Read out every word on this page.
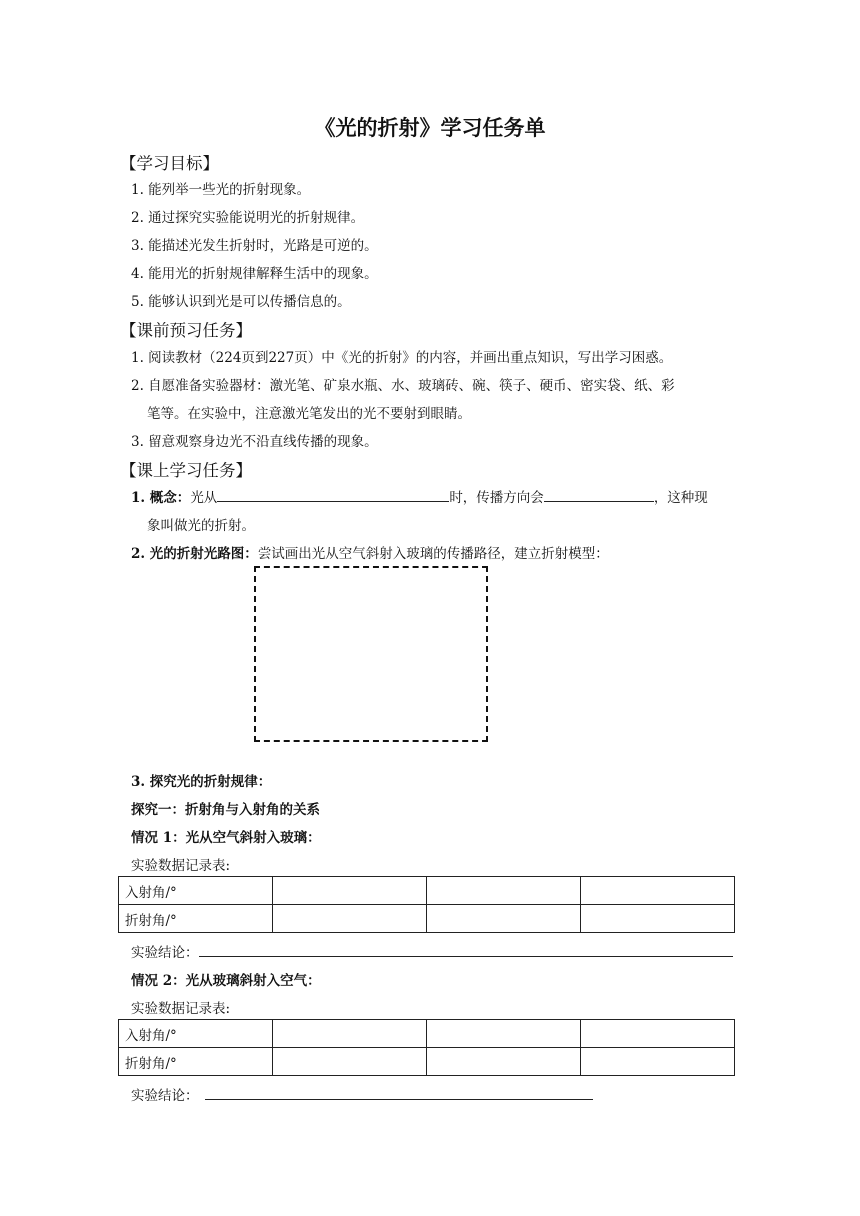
《光的折射》学习任务单
【学习目标】
1. 能列举一些光的折射现象。
2. 通过探究实验能说明光的折射规律。
3. 能描述光发生折射时，光路是可逆的。
4. 能用光的折射规律解释生活中的现象。
5. 能够认识到光是可以传播信息的。
【课前预习任务】
1. 阅读教材（224页到227页）中《光的折射》的内容，并画出重点知识，写出学习困惑。
2. 自愿准备实验器材：激光笔、矿泉水瓶、水、玻璃砖、碗、筷子、硬币、密实袋、纸、彩
笔等。在实验中，注意激光笔发出的光不要射到眼睛。
3. 留意观察身边光不沿直线传播的现象。
【课上学习任务】
1. 概念：光从	时，传播方向会	，这种现
象叫做光的折射。
2. 光的折射光路图：尝试画出光从空气斜射入玻璃的传播路径，建立折射模型：
3. 探究光的折射规律：
探究一：折射角与入射角的关系
情况 1：光从空气斜射入玻璃：
实验数据记录表:
入射角/°			
折射角/°			
实验结论：
情况 2：光从玻璃斜射入空气：
实验数据记录表:
入射角/°			
折射角/°			
实验结论：
